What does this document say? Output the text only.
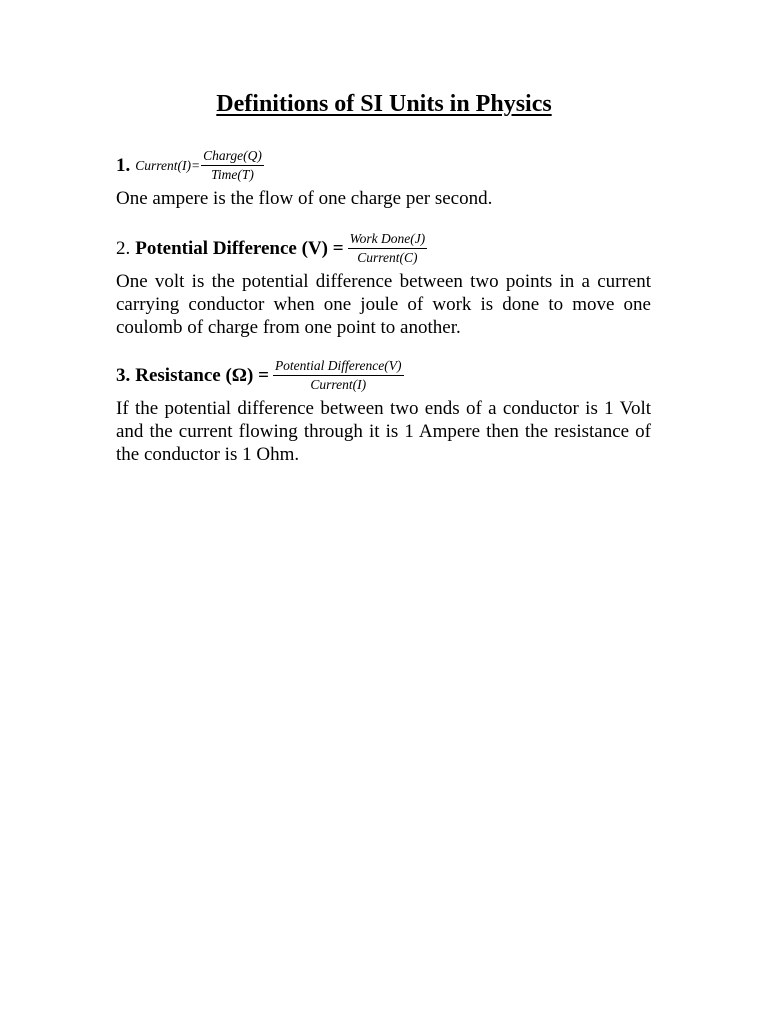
Definitions of SI Units in Physics
1. Current(I)= $\frac{\text{Charge(Q)}}{\text{Time(T)}}$

One ampere is the flow of one charge per second.

2. Potential Difference $(V) = \frac{\text{Work Done(J)}}{\text{Current(C)}}$

One volt is the potential difference between two points in a current carrying conductor when one joule of work is done to move one coulomb of charge from one point to another.

3. Resistance $(\Omega) = \frac{\text{Potential Difference(V)}}{\text{Current(I)}}$

If the potential difference between two ends of a conductor is 1 Volt and the current flowing through it is 1 Ampere then the resistance of the conductor is 1 Ohm.
